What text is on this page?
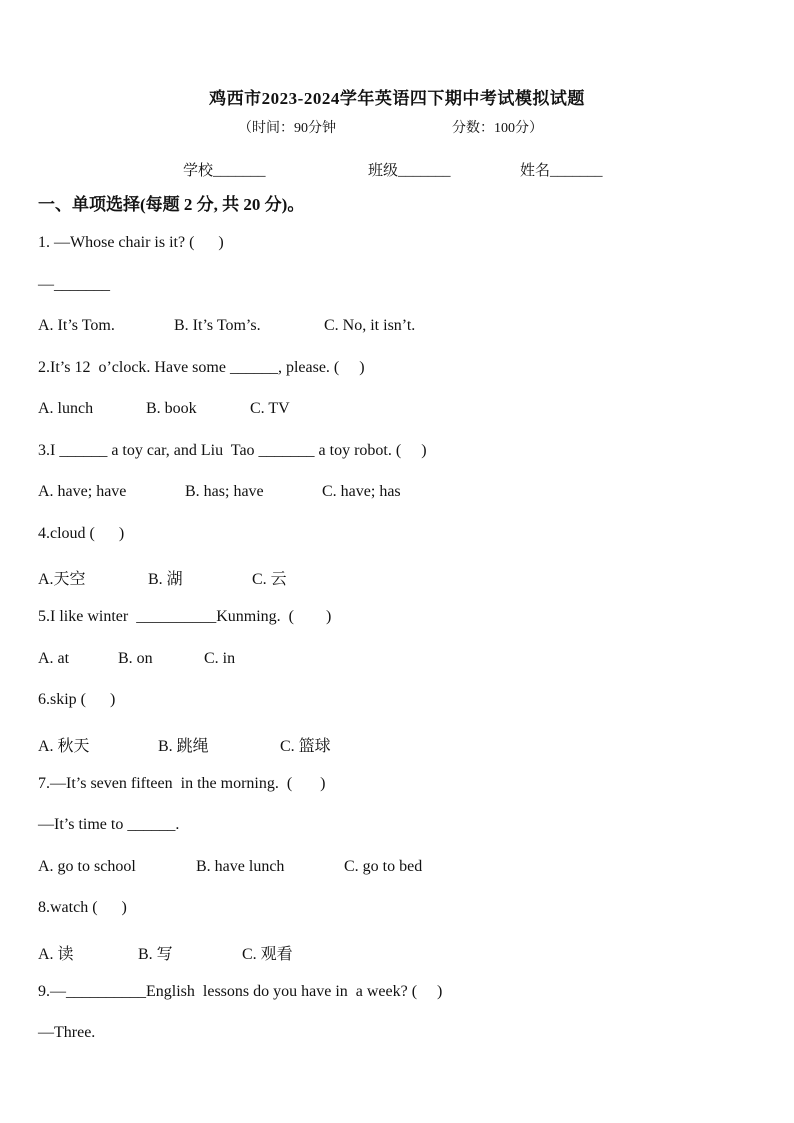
鸡西市2023-2024学年英语四下期中考试模拟试题
（时间：90分钟	分数：100分）
学校_______	班级_______	姓名_______
一、单项选择(每题 2 分, 共 20 分)。
1. —Whose chair is it? (      )
—_______
A. It’s Tom.	B. It’s Tom’s.	C. No, it isn’t.
2.It’s 12  o’clock. Have some ______, please. (     )
A. lunch	B. book	C. TV
3.I ______ a toy car, and Liu  Tao _______ a toy robot. (     )
A. have; have	B. has; have	C. have; has
4.cloud (      )
A.天空	B. 湖	C. 云
5.I like winter  __________Kunming.  (        )
A. at	B. on	C. in
6.skip (      )
A. 秋天	B. 跳绳	C. 篮球
7.—It’s seven fifteen  in the morning.  (       )
—It’s time to ______.
A. go to school	B. have lunch	C. go to bed
8.watch (      )
A. 读	B. 写	C. 观看
9.—__________English  lessons do you have in  a week? (     )
—Three.
